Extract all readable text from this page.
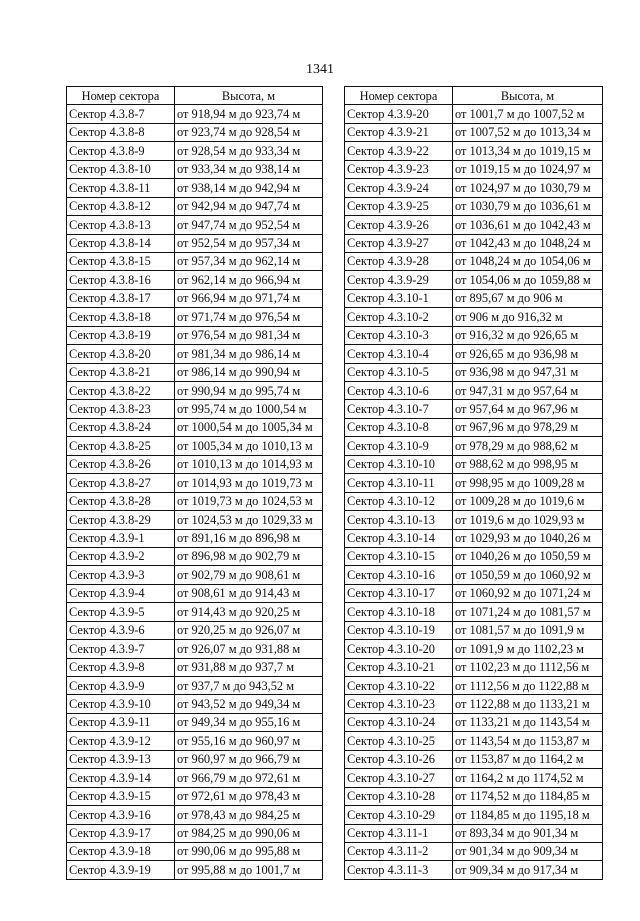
1341
Номер сектора	Высота, м
Сектор 4.3.8-7	от 918,94 м до 923,74 м
Сектор 4.3.8-8	от 923,74 м до 928,54 м
Сектор 4.3.8-9	от 928,54 м до 933,34 м
Сектор 4.3.8-10	от 933,34 м до 938,14 м
Сектор 4.3.8-11	от 938,14 м до 942,94 м
Сектор 4.3.8-12	от 942,94 м до 947,74 м
Сектор 4.3.8-13	от 947,74 м до 952,54 м
Сектор 4.3.8-14	от 952,54 м до 957,34 м
Сектор 4.3.8-15	от 957,34 м до 962,14 м
Сектор 4.3.8-16	от 962,14 м до 966,94 м
Сектор 4.3.8-17	от 966,94 м до 971,74 м
Сектор 4.3.8-18	от 971,74 м до 976,54 м
Сектор 4.3.8-19	от 976,54 м до 981,34 м
Сектор 4.3.8-20	от 981,34 м до 986,14 м
Сектор 4.3.8-21	от 986,14 м до 990,94 м
Сектор 4.3.8-22	от 990,94 м до 995,74 м
Сектор 4.3.8-23	от 995,74 м до 1000,54 м
Сектор 4.3.8-24	от 1000,54 м до 1005,34 м
Сектор 4.3.8-25	от 1005,34 м до 1010,13 м
Сектор 4.3.8-26	от 1010,13 м до 1014,93 м
Сектор 4.3.8-27	от 1014,93 м до 1019,73 м
Сектор 4.3.8-28	от 1019,73 м до 1024,53 м
Сектор 4.3.8-29	от 1024,53 м до 1029,33 м
Сектор 4.3.9-1	от 891,16 м до 896,98 м
Сектор 4.3.9-2	от 896,98 м до 902,79 м
Сектор 4.3.9-3	от 902,79 м до 908,61 м
Сектор 4.3.9-4	от 908,61 м до 914,43 м
Сектор 4.3.9-5	от 914,43 м до 920,25 м
Сектор 4.3.9-6	от 920,25 м до 926,07 м
Сектор 4.3.9-7	от 926,07 м до 931,88 м
Сектор 4.3.9-8	от 931,88 м до 937,7 м
Сектор 4.3.9-9	от 937,7 м до 943,52 м
Сектор 4.3.9-10	от 943,52 м до 949,34 м
Сектор 4.3.9-11	от 949,34 м до 955,16 м
Сектор 4.3.9-12	от 955,16 м до 960,97 м
Сектор 4.3.9-13	от 960,97 м до 966,79 м
Сектор 4.3.9-14	от 966,79 м до 972,61 м
Сектор 4.3.9-15	от 972,61 м до 978,43 м
Сектор 4.3.9-16	от 978,43 м до 984,25 м
Сектор 4.3.9-17	от 984,25 м до 990,06 м
Сектор 4.3.9-18	от 990,06 м до 995,88 м
Сектор 4.3.9-19	от 995,88 м до 1001,7 м
Номер сектора	Высота, м
Сектор 4.3.9-20	от 1001,7 м до 1007,52 м
Сектор 4.3.9-21	от 1007,52 м до 1013,34 м
Сектор 4.3.9-22	от 1013,34 м до 1019,15 м
Сектор 4.3.9-23	от 1019,15 м до 1024,97 м
Сектор 4.3.9-24	от 1024,97 м до 1030,79 м
Сектор 4.3.9-25	от 1030,79 м до 1036,61 м
Сектор 4.3.9-26	от 1036,61 м до 1042,43 м
Сектор 4.3.9-27	от 1042,43 м до 1048,24 м
Сектор 4.3.9-28	от 1048,24 м до 1054,06 м
Сектор 4.3.9-29	от 1054,06 м до 1059,88 м
Сектор 4.3.10-1	от 895,67 м до 906 м
Сектор 4.3.10-2	от 906 м до 916,32 м
Сектор 4.3.10-3	от 916,32 м до 926,65 м
Сектор 4.3.10-4	от 926,65 м до 936,98 м
Сектор 4.3.10-5	от 936,98 м до 947,31 м
Сектор 4.3.10-6	от 947,31 м до 957,64 м
Сектор 4.3.10-7	от 957,64 м до 967,96 м
Сектор 4.3.10-8	от 967,96 м до 978,29 м
Сектор 4.3.10-9	от 978,29 м до 988,62 м
Сектор 4.3.10-10	от 988,62 м до 998,95 м
Сектор 4.3.10-11	от 998,95 м до 1009,28 м
Сектор 4.3.10-12	от 1009,28 м до 1019,6 м
Сектор 4.3.10-13	от 1019,6 м до 1029,93 м
Сектор 4.3.10-14	от 1029,93 м до 1040,26 м
Сектор 4.3.10-15	от 1040,26 м до 1050,59 м
Сектор 4.3.10-16	от 1050,59 м до 1060,92 м
Сектор 4.3.10-17	от 1060,92 м до 1071,24 м
Сектор 4.3.10-18	от 1071,24 м до 1081,57 м
Сектор 4.3.10-19	от 1081,57 м до 1091,9 м
Сектор 4.3.10-20	от 1091,9 м до 1102,23 м
Сектор 4.3.10-21	от 1102,23 м до 1112,56 м
Сектор 4.3.10-22	от 1112,56 м до 1122,88 м
Сектор 4.3.10-23	от 1122,88 м до 1133,21 м
Сектор 4.3.10-24	от 1133,21 м до 1143,54 м
Сектор 4.3.10-25	от 1143,54 м до 1153,87 м
Сектор 4.3.10-26	от 1153,87 м до 1164,2 м
Сектор 4.3.10-27	от 1164,2 м до 1174,52 м
Сектор 4.3.10-28	от 1174,52 м до 1184,85 м
Сектор 4.3.10-29	от 1184,85 м до 1195,18 м
Сектор 4.3.11-1	от 893,34 м до 901,34 м
Сектор 4.3.11-2	от 901,34 м до 909,34 м
Сектор 4.3.11-3	от 909,34 м до 917,34 м
